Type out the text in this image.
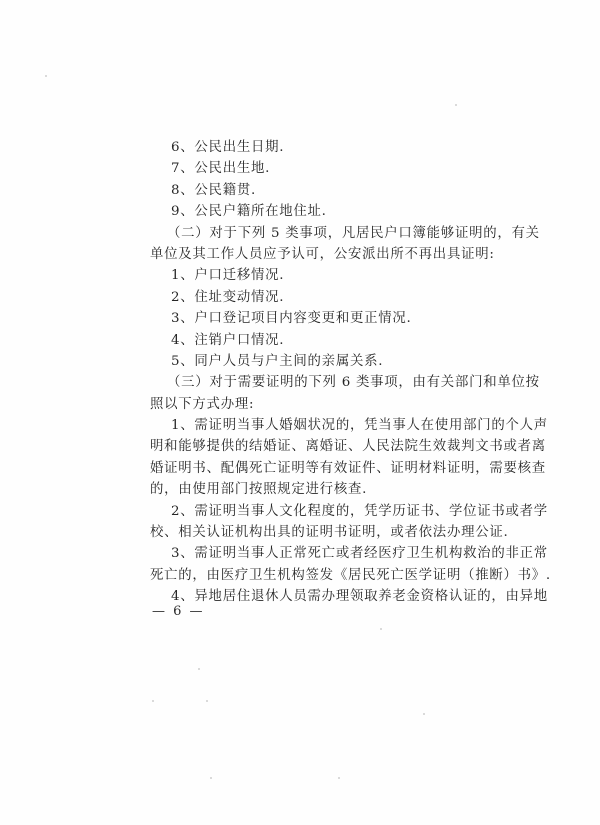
6、公民出生日期.
7、公民出生地.
8、公民籍贯.
9、公民户籍所在地住址.
（二）对于下列 5 类事项，凡居民户口簿能够证明的，有关
单位及其工作人员应予认可，公安派出所不再出具证明:
1、户口迁移情况.
2、住址变动情况.
3、户口登记项目内容变更和更正情况.
4、注销户口情况.
5、同户人员与户主间的亲属关系.
（三）对于需要证明的下列 6 类事项，由有关部门和单位按
照以下方式办理:
1、需证明当事人婚姻状况的，凭当事人在使用部门的个人声
明和能够提供的结婚证、离婚证、人民法院生效裁判文书或者离
婚证明书、配偶死亡证明等有效证件、证明材料证明，需要核查
的，由使用部门按照规定进行核查.
2、需证明当事人文化程度的，凭学历证书、学位证书或者学
校、相关认证机构出具的证明书证明，或者依法办理公证.
3、需证明当事人正常死亡或者经医疗卫生机构救治的非正常
死亡的，由医疗卫生机构签发《居民死亡医学证明（推断）书》.
4、异地居住退休人员需办理领取养老金资格认证的，由异地
— 6 —
